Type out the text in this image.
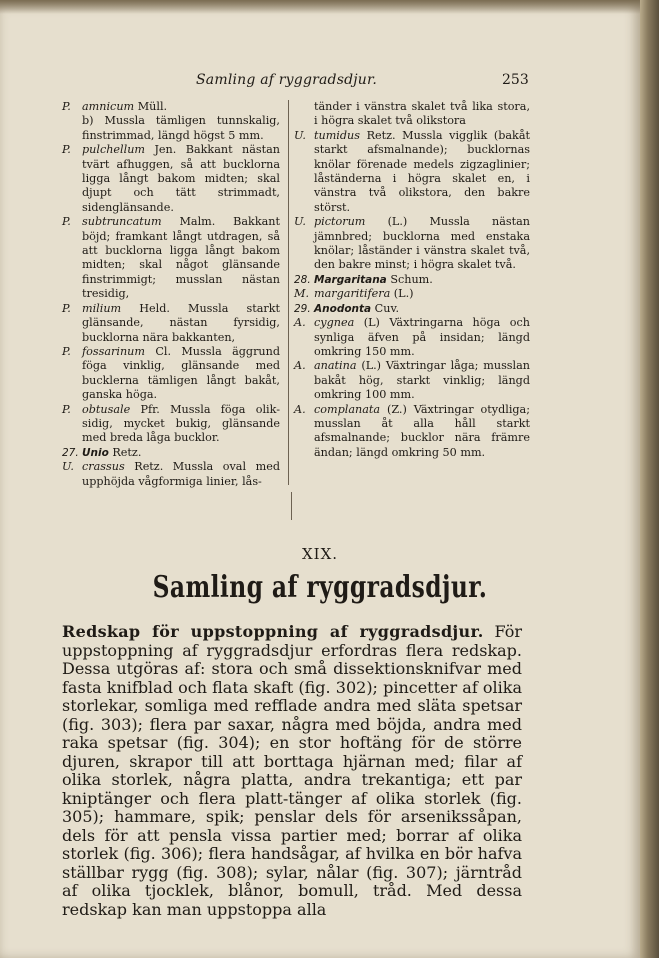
Samling af ryggradsdjur.	253
P. amnicum Müll.
b) Mussla tämligen tunnskalig, finstrimmad, längd högst 5 mm.
P. pulchellum Jen. Bakkant nästan tvärt afhuggen, så att bucklorna ligga långt bakom midten; skal djupt och tätt strimmadt, sidenglänsande.
P. subtruncatum Malm. Bakkant böjd; framkant långt utdragen, så att bucklorna ligga långt bakom midten; skal något glänsande finstrimmigt; musslan nästan tresidig,
P. milium Held. Mussla starkt glänsande, nästan fyrsidig, bucklorna nära bakkanten,
P. fossarinum Cl. Mussla äggrund föga vinklig, glänsande med bucklerna tämligen långt bakåt, ganska höga.
P. obtusale Pfr. Mussla föga olik-sidig, mycket bukig, glänsande med breda låga bucklor.
27. Unio Retz.
U. crassus Retz. Mussla oval med upphöjda vågformiga linier, lås-
tänder i vänstra skalet två lika stora, i högra skalet två olikstora
U. tumidus Retz. Mussla vigglik (bakåt starkt afsmalnande); bucklornas knölar förenade medels zigzaglinier; låständerna i högra skalet en, i vänstra två olikstora, den bakre störst.
U. pictorum (L.) Mussla nästan jämnbred; bucklorna med enstaka knölar; låständer i vänstra skalet två, den bakre minst; i högra skalet två.
28. Margaritana Schum.
M. margaritifera (L.)
29. Anodonta Cuv.
A. cygnea (L) Växtringarna höga och synliga äfven på insidan; längd omkring 150 mm.
A. anatina (L.) Växtringar låga; musslan bakåt hög, starkt vinklig; längd omkring 100 mm.
A. complanata (Z.) Växtringar otydliga; musslan åt alla håll starkt afsmalnande; bucklor nära främre ändan; längd omkring 50 mm.
XIX.
Samling af ryggradsdjur.
Redskap för uppstoppning af ryggradsdjur. För uppstoppning af ryggradsdjur erfordras flera redskap. Dessa utgöras af: stora och små dissektionsknifvar med fasta knifblad och flata skaft (fig. 302); pincetter af olika storlekar, somliga med refflade andra med släta spetsar (fig. 303); flera par saxar, några med böjda, andra med raka spetsar (fig. 304); en stor hoftäng för de större djuren, skrapor till att borttaga hjärnan med; filar af olika storlek, några platta, andra trekantiga; ett par kniptänger och flera platt-tänger af olika storlek (fig. 305); hammare, spik; penslar dels för arsenikssåpan, dels för att pensla vissa partier med; borrar af olika storlek (fig. 306); flera handsågar, af hvilka en bör hafva ställbar rygg (fig. 308); sylar, nålar (fig. 307); järntråd af olika tjocklek, blånor, bomull, tråd. Med dessa redskap kan man uppstoppa alla
